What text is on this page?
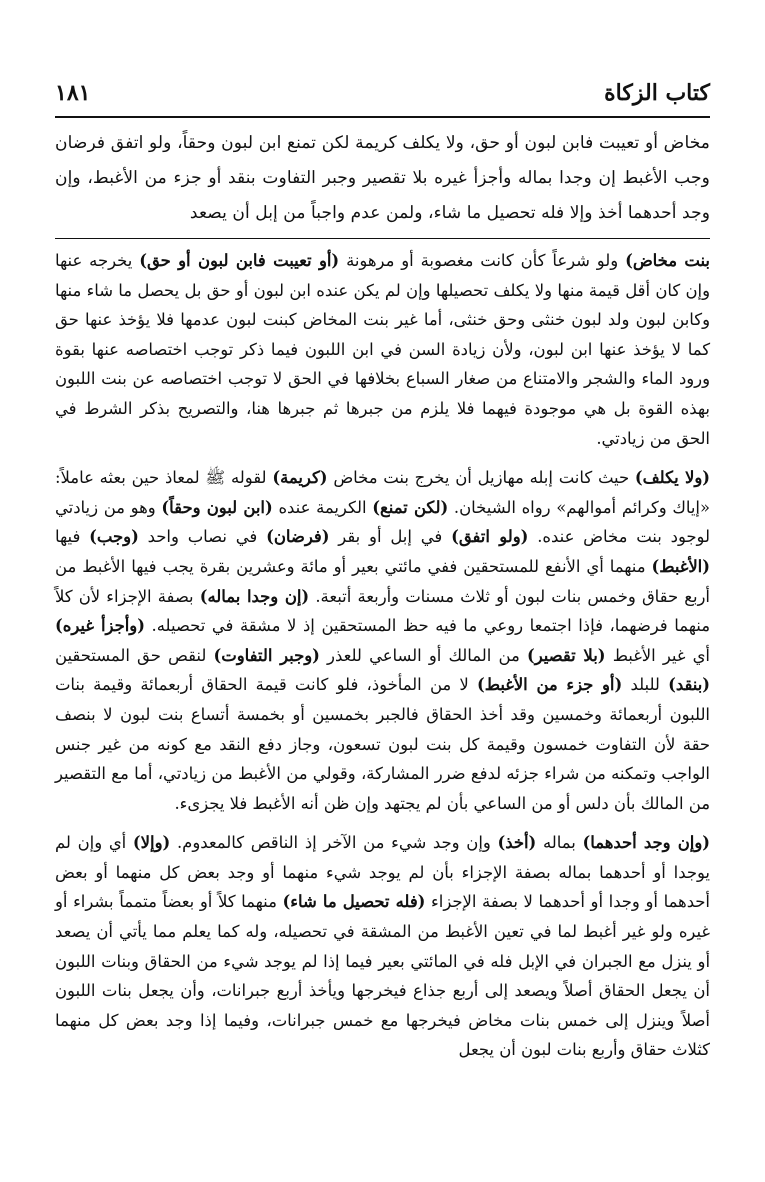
كتاب الزكاة
١٨١
مخاض أو تعيبت فابن لبون أو حق، ولا يكلف كريمة لكن تمنع ابن لبون وحقاً، ولو اتفق فرضان وجب الأغبط إن وجدا بماله وأجزأ غيره بلا تقصير وجبر التفاوت بنقد أو جزء من الأغبط، وإن وجد أحدهما أخذ وإلا فله تحصيل ما شاء، ولمن عدم واجباً من إبل أن يصعد

بنت مخاض) ولو شرعاً كأن كانت مغصوبة أو مرهونة (أو تعيبت فابن لبون أو حق) يخرجه عنها وإن كان أقل قيمة منها ولا يكلف تحصيلها وإن لم يكن عنده ابن لبون أو حق بل يحصل ما شاء منها وكابن لبون ولد لبون خنثى وحق خنثى، أما غير بنت المخاض كبنت لبون عدمها فلا يؤخذ عنها حق كما لا يؤخذ عنها ابن لبون، ولأن زيادة السن في ابن اللبون فيما ذكر توجب اختصاصه عنها بقوة ورود الماء والشجر والامتناع من صغار السباع بخلافها في الحق لا توجب اختصاصه عن بنت اللبون بهذه القوة بل هي موجودة فيهما فلا يلزم من جبرها ثم جبرها هنا، والتصريح بذكر الشرط في الحق من زيادتي.

(ولا يكلف) حيث كانت إبله مهازيل أن يخرج بنت مخاض (كريمة) لقوله ﷺ لمعاذ حين بعثه عاملاً: «إياك وكرائم أموالهم» رواه الشيخان. (لكن تمنع) الكريمة عنده (ابن لبون وحقاً) وهو من زيادتي لوجود بنت مخاض عنده. (ولو اتفق) في إبل أو بقر (فرضان) في نصاب واحد (وجب) فيها (الأغبط) منهما أي الأنفع للمستحقين ففي مائتي بعير أو مائة وعشرين بقرة يجب فيها الأغبط من أربع حقاق وخمس بنات لبون أو ثلاث مسنات وأربعة أتبعة. (إن وجدا بماله) بصفة الإجزاء لأن كلاً منهما فرضهما، فإذا اجتمعا روعي ما فيه حظ المستحقين إذ لا مشقة في تحصيله. (وأجزأ غيره) أي غير الأغبط (بلا تقصير) من المالك أو الساعي للعذر (وجبر التفاوت) لنقص حق المستحقين (بنقد) للبلد (أو جزء من الأغبط) لا من المأخوذ، فلو كانت قيمة الحقاق أربعمائة وقيمة بنات اللبون أربعمائة وخمسين وقد أخذ الحقاق فالجبر بخمسين أو بخمسة أتساع بنت لبون لا بنصف حقة لأن التفاوت خمسون وقيمة كل بنت لبون تسعون، وجاز دفع النقد مع كونه من غير جنس الواجب وتمكنه من شراء جزئه لدفع ضرر المشاركة، وقولي من الأغبط من زيادتي، أما مع التقصير من المالك بأن دلس أو من الساعي بأن لم يجتهد وإن ظن أنه الأغبط فلا يجزىء.

(وإن وجد أحدهما) بماله (أخذ) وإن وجد شيء من الآخر إذ الناقص كالمعدوم. (وإلا) أي وإن لم يوجدا أو أحدهما بماله بصفة الإجزاء بأن لم يوجد شيء منهما أو وجد بعض كل منهما أو بعض أحدهما أو وجدا أو أحدهما لا بصفة الإجزاء (فله تحصيل ما شاء) منهما كلاً أو بعضاً متمماً بشراء أو غيره ولو غير أغبط لما في تعين الأغبط من المشقة في تحصيله، وله كما يعلم مما يأتي أن يصعد أو ينزل مع الجبران في الإبل فله في المائتي بعير فيما إذا لم يوجد شيء من الحقاق وبنات اللبون أن يجعل الحقاق أصلاً ويصعد إلى أربع جذاع فيخرجها ويأخذ أربع جبرانات، وأن يجعل بنات اللبون أصلاً وينزل إلى خمس بنات مخاض فيخرجها مع خمس جبرانات، وفيما إذا وجد بعض كل منهما كثلاث حقاق وأربع بنات لبون أن يجعل
